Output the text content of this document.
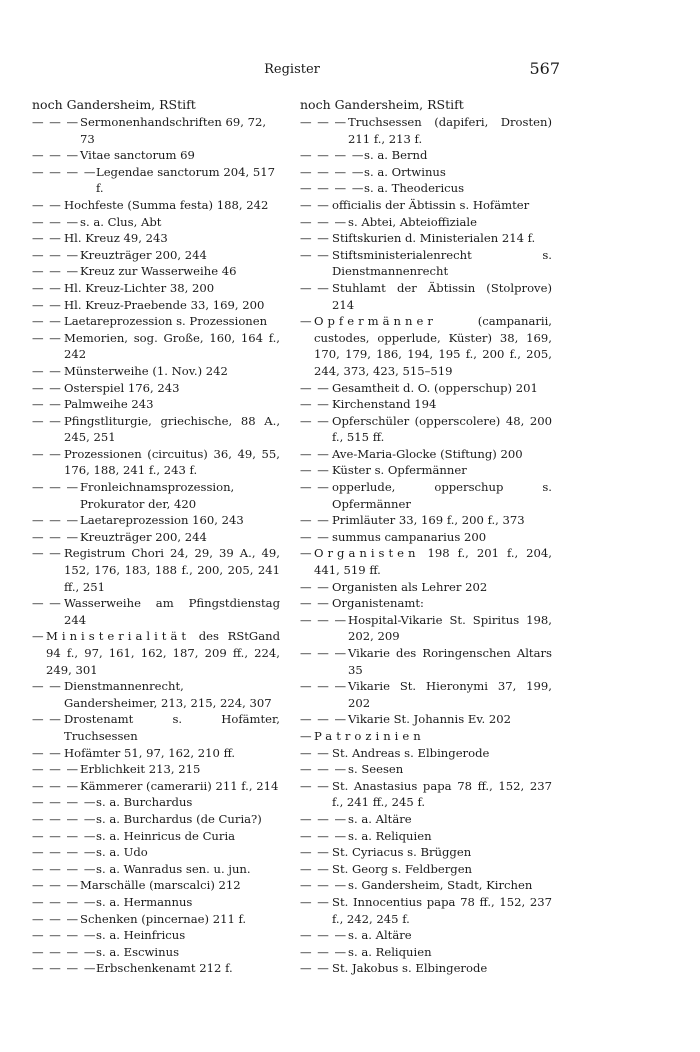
Register	567
noch Gandersheim, RStift
— — — Sermonenhandschriften 69, 72, 73
— — — Vitae sanctorum 69
— — — — Legendae sanctorum 204, 517 f.
— — Hochfeste (Summa festa) 188, 242
— — — s. a. Clus, Abt
— — Hl. Kreuz 49, 243
— — — Kreuzträger 200, 244
— — — Kreuz zur Wasserweihe 46
— — Hl. Kreuz-Lichter 38, 200
— — Hl. Kreuz-Praebende 33, 169, 200
— — Laetareprozession s. Prozessionen
— — Memorien, sog. Große, 160, 164 f., 242
— — Münsterweihe (1. Nov.) 242
— — Osterspiel 176, 243
— — Palmweihe 243
— — Pfingstliturgie, griechische, 88 A., 245, 251
— — Prozessionen (circuitus) 36, 49, 55, 176, 188, 241 f., 243 f.
— — — Fronleichnamsprozession, Prokurator der, 420
— — — Laetareprozession 160, 243
— — — Kreuzträger 200, 244
— — Registrum Chori 24, 29, 39 A., 49, 152, 176, 183, 188 f., 200, 205, 241 ff., 251
— — Wasserweihe am Pfingstdienstag 244
— Ministerialität des RStGand 94 f., 97, 161, 162, 187, 209 ff., 224, 249, 301
— — Dienstmannenrecht, Gandersheimer, 213, 215, 224, 307
— — Drostenamt s. Hofämter, Truchsessen
— — Hofämter 51, 97, 162, 210 ff.
— — — Erblichkeit 213, 215
— — — Kämmerer (camerarii) 211 f., 214
— — — — s. a. Burchardus
— — — — s. a. Burchardus (de Curia?)
— — — — s. a. Heinricus de Curia
— — — — s. a. Udo
— — — — s. a. Wanradus sen. u. jun.
— — — Marschälle (marscalci) 212
— — — — s. a. Hermannus
— — — Schenken (pincernae) 211 f.
— — — — s. a. Heinfricus
— — — — s. a. Escwinus
— — — — Erbschenkenamt 212 f.
noch Gandersheim, RStift
— — — Truchsessen (dapiferi, Drosten) 211 f., 213 f.
— — — — s. a. Bernd
— — — — s. a. Ortwinus
— — — — s. a. Theodericus
— — officialis der Äbtissin s. Hofämter
— — — s. Abtei, Abteioffiziale
— — Stiftskurien d. Ministerialen 214 f.
— — Stiftsministerialenrecht s. Dienstmannenrecht
— — Stuhlamt der Äbtissin (Stolprove) 214
— Opfermänner (campanarii, custodes, opperlude, Küster) 38, 169, 170, 179, 186, 194, 195 f., 200 f., 205, 244, 373, 423, 515–519
— — Gesamtheit d. O. (opperschup) 201
— — Kirchenstand 194
— — Opferschüler (opperscolere) 48, 200 f., 515 ff.
— — Ave-Maria-Glocke (Stiftung) 200
— — Küster s. Opfermänner
— — opperlude, opperschup s. Opfermänner
— — Primläuter 33, 169 f., 200 f., 373
— — summus campanarius 200
— Organisten 198 f., 201 f., 204, 441, 519 ff.
— — Organisten als Lehrer 202
— — Organistenamt:
— — — Hospital-Vikarie St. Spiritus 198, 202, 209
— — — Vikarie des Roringenschen Altars 35
— — — Vikarie St. Hieronymi 37, 199, 202
— — — Vikarie St. Johannis Ev. 202
— Patrozinien
— — St. Andreas s. Elbingerode
— — — s. Seesen
— — St. Anastasius papa 78 ff., 152, 237 f., 241 ff., 245 f.
— — — s. a. Altäre
— — — s. a. Reliquien
— — St. Cyriacus s. Brüggen
— — St. Georg s. Feldbergen
— — — s. Gandersheim, Stadt, Kirchen
— — St. Innocentius papa 78 ff., 152, 237 f., 242, 245 f.
— — — s. a. Altäre
— — — s. a. Reliquien
— — St. Jakobus s. Elbingerode
